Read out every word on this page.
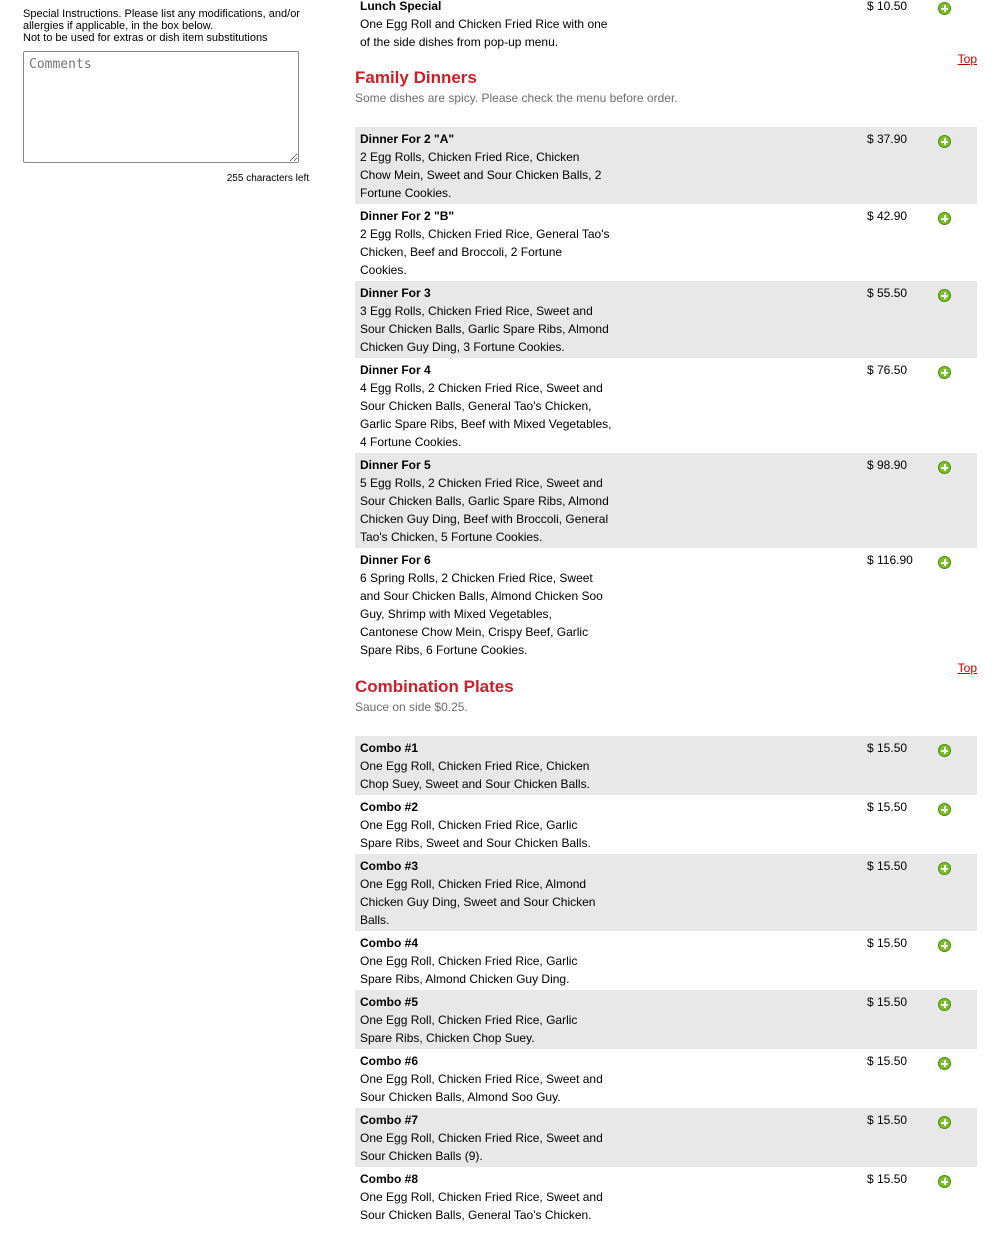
Special Instructions. Please list any modifications, and/or allergies if applicable, in the box below.
Not to be used for extras or dish item substitutions
Comments
255 characters left
Lunch Special
One Egg Roll and Chicken Fried Rice with one of the side dishes from pop-up menu.
$ 10.50
Top
Family Dinners
Some dishes are spicy. Please check the menu before order.
Dinner For 2 "A"
2 Egg Rolls, Chicken Fried Rice, Chicken Chow Mein, Sweet and Sour Chicken Balls, 2 Fortune Cookies.
$ 37.90
Dinner For 2 "B"
2 Egg Rolls, Chicken Fried Rice, General Tao's Chicken, Beef and Broccoli, 2 Fortune Cookies.
$ 42.90
Dinner For 3
3 Egg Rolls, Chicken Fried Rice, Sweet and Sour Chicken Balls, Garlic Spare Ribs, Almond Chicken Guy Ding, 3 Fortune Cookies.
$ 55.50
Dinner For 4
4 Egg Rolls, 2 Chicken Fried Rice, Sweet and Sour Chicken Balls, General Tao's Chicken, Garlic Spare Ribs, Beef with Mixed Vegetables, 4 Fortune Cookies.
$ 76.50
Dinner For 5
5 Egg Rolls, 2 Chicken Fried Rice, Sweet and Sour Chicken Balls, Garlic Spare Ribs, Almond Chicken Guy Ding, Beef with Broccoli, General Tao's Chicken, 5 Fortune Cookies.
$ 98.90
Dinner For 6
6 Spring Rolls, 2 Chicken Fried Rice, Sweet and Sour Chicken Balls, Almond Chicken Soo Guy, Shrimp with Mixed Vegetables, Cantonese Chow Mein, Crispy Beef, Garlic Spare Ribs, 6 Fortune Cookies.
$ 116.90
Top
Combination Plates
Sauce on side $0.25.
Combo #1
One Egg Roll, Chicken Fried Rice, Chicken Chop Suey, Sweet and Sour Chicken Balls.
$ 15.50
Combo #2
One Egg Roll, Chicken Fried Rice, Garlic Spare Ribs, Sweet and Sour Chicken Balls.
$ 15.50
Combo #3
One Egg Roll, Chicken Fried Rice, Almond Chicken Guy Ding, Sweet and Sour Chicken Balls.
$ 15.50
Combo #4
One Egg Roll, Chicken Fried Rice, Garlic Spare Ribs, Almond Chicken Guy Ding.
$ 15.50
Combo #5
One Egg Roll, Chicken Fried Rice, Garlic Spare Ribs, Chicken Chop Suey.
$ 15.50
Combo #6
One Egg Roll, Chicken Fried Rice, Sweet and Sour Chicken Balls, Almond Soo Guy.
$ 15.50
Combo #7
One Egg Roll, Chicken Fried Rice, Sweet and Sour Chicken Balls (9).
$ 15.50
Combo #8
One Egg Roll, Chicken Fried Rice, Sweet and Sour Chicken Balls, General Tao's Chicken.
$ 15.50
